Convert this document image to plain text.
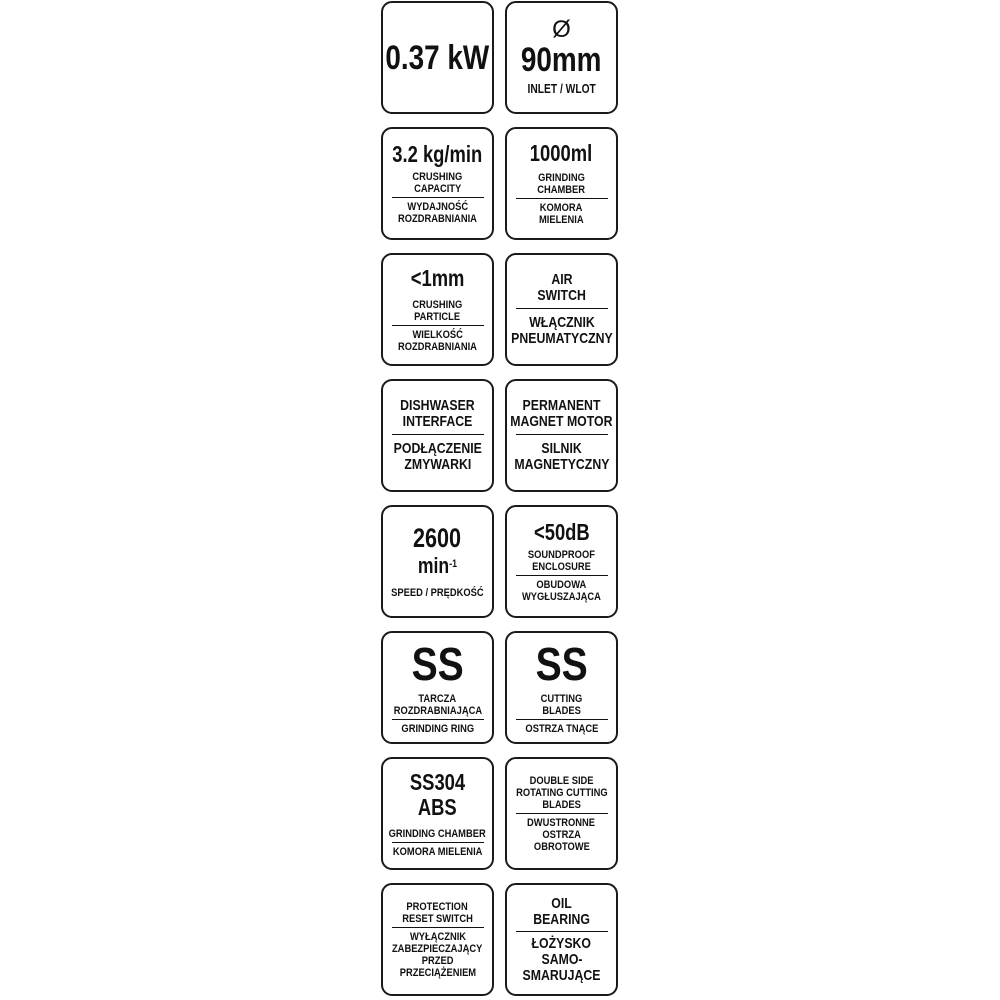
0.37 kW
Ø
90mm
INLET / WLOT
3.2 kg/min
CRUSHING
CAPACITY
WYDAJNOŚĆ
ROZDRABNIANIA
1000ml
GRINDING
CHAMBER
KOMORA
MIELENIA
<1mm
CRUSHING
PARTICLE
WIELKOŚĆ
ROZDRABNIANIA
AIR
SWITCH
WŁĄCZNIK
PNEUMATYCZNY
DISHWASER
INTERFACE
PODŁĄCZENIE
ZMYWARKI
PERMANENT
MAGNET MOTOR
SILNIK
MAGNETYCZNY
2600
$\min^{-1}$
SPEED / PRĘDKOŚĆ
<50dB
SOUNDPROOF
ENCLOSURE
OBUDOWA
WYGŁUSZAJĄCA
SS
TARCZA
ROZDRABNIAJĄCA
GRINDING RING
SS
CUTTING
BLADES
OSTRZA TNĄCE
SS304
ABS
GRINDING CHAMBER
KOMORA MIELENIA
DOUBLE SIDE
ROTATING CUTTING
BLADES
DWUSTRONNE
OSTRZA
OBROTOWE
PROTECTION
RESET SWITCH
WYŁĄCZNIK
ZABEZPIECZAJĄCY
PRZED
PRZECIĄŻENIEM
OIL
BEARING
ŁOŻYSKO
SAMO-
SMARUJĄCE
